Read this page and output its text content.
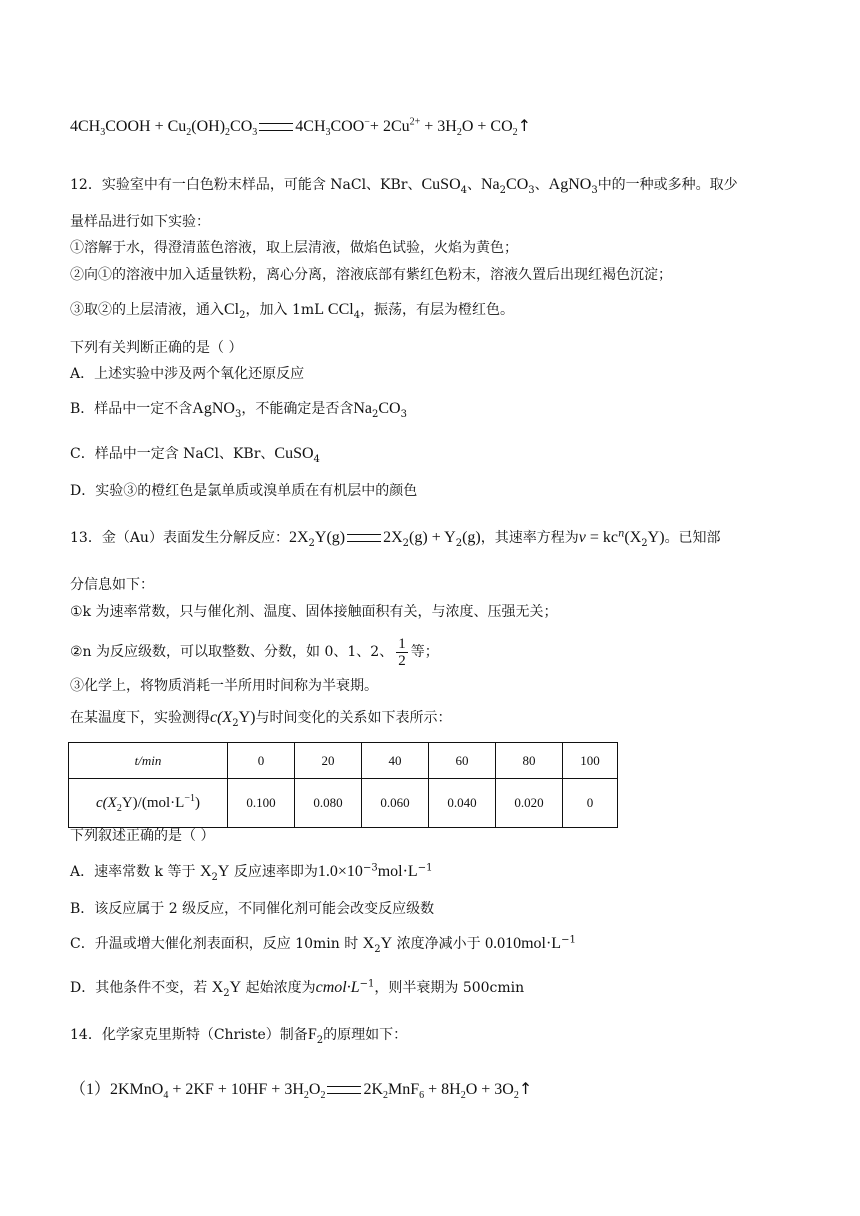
$4CH_3COOH + Cu_2(OH)_2CO_3$ $4CH_3COO^-+ 2Cu^{2+} + 3H_2O$ + $CO_2↑$
12．实验室中有一白色粉末样品，可能含 NaCl、KBr、CuSO$_4$、$Na_2CO_3$、AgNO$_3$中的一种或多种。取少
量样品进行如下实验：
①溶解于水，得澄清蓝色溶液，取上层清液，做焰色试验，火焰为黄色；
②向①的溶液中加入适量铁粉，离心分离，溶液底部有紫红色粉末，溶液久置后出现红褐色沉淀；
③取②的上层清液，通入$Cl_2$，加入 1mL CCl$_4$，振荡，有层为橙红色。
下列有关判断正确的是（ ）
A．上述实验中涉及两个氧化还原反应
B．样品中一定不含AgNO$_3$，不能确定是否含$Na_2CO_3$
C．样品中一定含 NaCl、KBr、CuSO$_4$
D．实验③的橙红色是氯单质或溴单质在有机层中的颜色
13．金（Au）表面发生分解反应：$2X_2Y(g) 2X_2(g) + Y_2(g)$，其速率方程为$v = kc^n(X_2Y)$。已知部
分信息如下：
①k 为速率常数，只与催化剂、温度、固体接触面积有关，与浓度、压强无关；
②n 为反应级数，可以取整数、分数，如 0、1、2、 $\frac{1}{2}$ 等；
③化学上，将物质消耗一半所用时间称为半衰期。
在某温度下，实验测得$c(X_2Y)$与时间变化的关系如下表所示：
t/min	0	20	40	60	80	100
$c(X_2Y)/(mol\cdot L^{-1})$	0.100	0.080	0.060	0.040	0.020	0
下列叙述正确的是（ ）
A．速率常数 k 等于 $X_2Y$ 反应速率即为$1.0\times 10^{-3}mol\cdot L^{-1}$
B．该反应属于 2 级反应，不同催化剂可能会改变反应级数
C．升温或增大催化剂表面积，反应 10min 时 $X_2Y$ 浓度净减小于 $0.010mol\cdot L^{-1}$
D．其他条件不变，若 $X_2Y$ 起始浓度为$cmol\cdot L^{-1}$，则半衰期为 500cmin
14．化学家克里斯特（Christe）制备$F_2$的原理如下：
（1）2KMnO$_4$ + $2KF + 10HF + 3H_2O_2$ $2K_2MnF_6 + 8H_2O$ + $3O_2↑$
